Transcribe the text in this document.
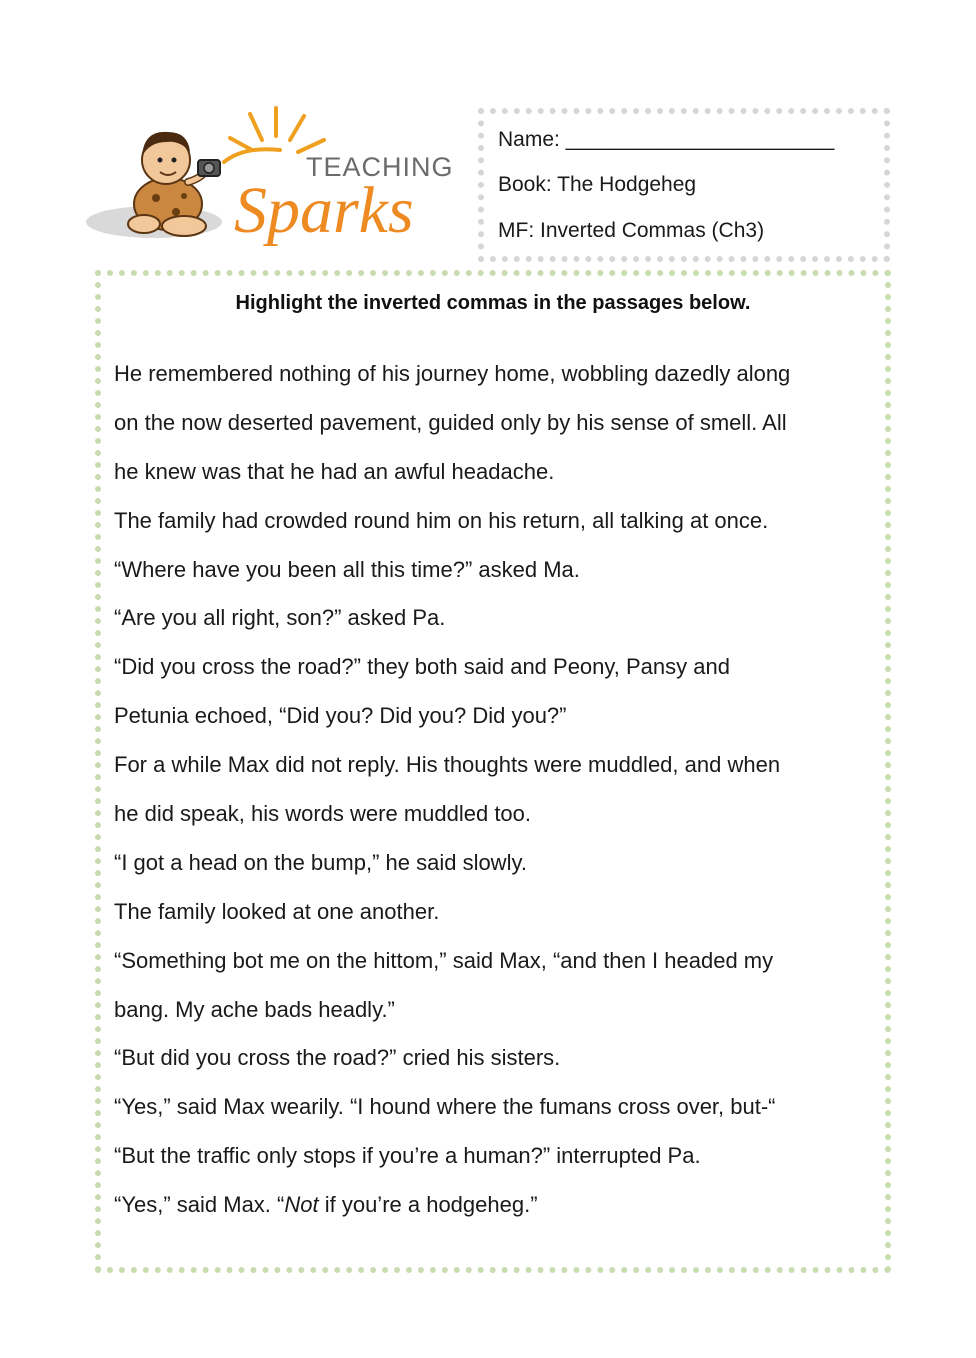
TEACHING
Sparks
Name: _______________________
Book: The Hodgeheg
MF: Inverted Commas (Ch3)
Highlight the inverted commas in the passages below.
He remembered nothing of his journey home, wobbling dazedly along
on the now deserted pavement, guided only by his sense of smell. All
he knew was that he had an awful headache.
The family had crowded round him on his return, all talking at once.
“Where have you been all this time?” asked Ma.
“Are you all right, son?” asked Pa.
“Did you cross the road?” they both said and Peony, Pansy and
Petunia echoed, “Did you? Did you? Did you?”
For a while Max did not reply. His thoughts were muddled, and when
he did speak, his words were muddled too.
“I got a head on the bump,” he said slowly.
The family looked at one another.
“Something bot me on the hittom,” said Max, “and then I headed my
bang. My ache bads headly.”
“But did you cross the road?” cried his sisters.
“Yes,” said Max wearily. “I hound where the fumans cross over, but-“
“But the traffic only stops if you’re a human?” interrupted Pa.
“Yes,” said Max. “Not if you’re a hodgeheg.”
